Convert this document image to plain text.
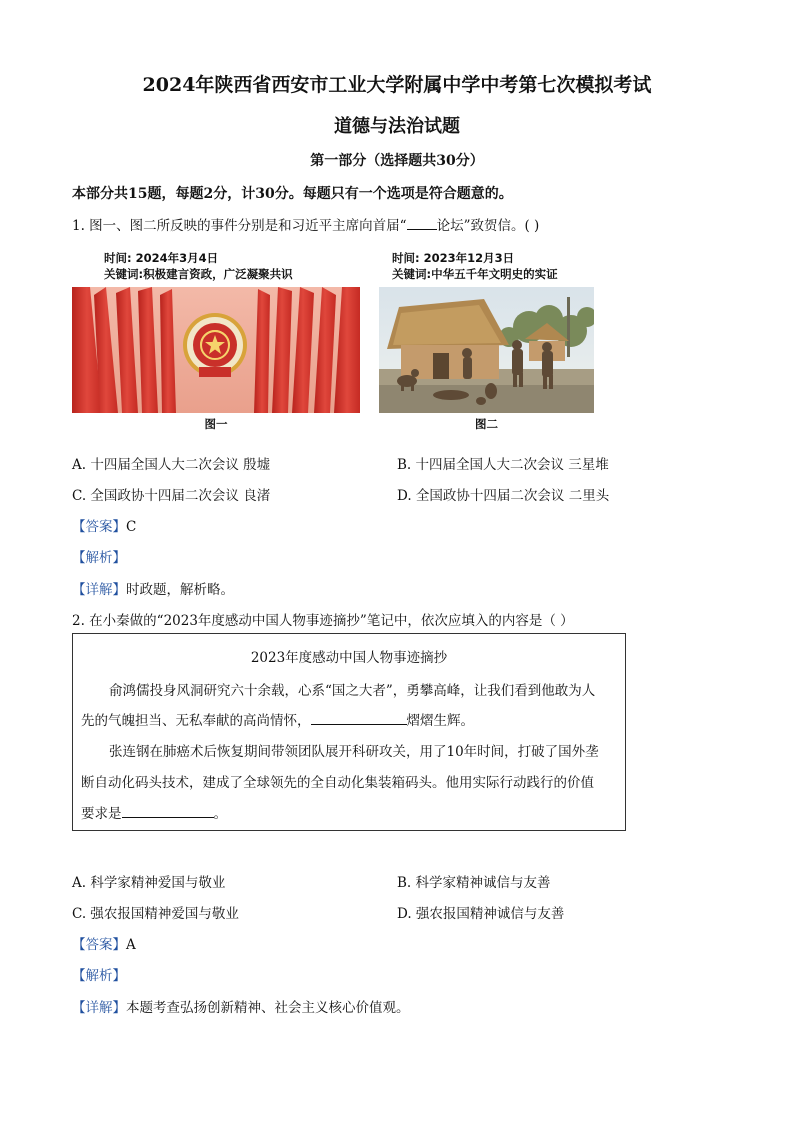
2024年陕西省西安市工业大学附属中学中考第七次模拟考试
道德与法治试题
第一部分（选择题共30分）
本部分共15题，每题2分，计30分。每题只有一个选项是符合题意的。
1. 图一、图二所反映的事件分别是和习近平主席向首届“ 论坛”致贺信。( )
时间: 2024年3月4日
关键词:积极建言资政，广泛凝聚共识
时间: 2023年12月3日
关键词:中华五千年文明史的实证
图一	图二
A. 十四届全国人大二次会议 殷墟	B. 十四届全国人大二次会议 三星堆
C. 全国政协十四届二次会议 良渚	D. 全国政协十四届二次会议 二里头
【答案】C
【解析】
【详解】时政题，解析略。
2. 在小秦做的“2023年度感动中国人物事迹摘抄”笔记中，依次应填入的内容是（ ）
2023年度感动中国人物事迹摘抄
俞鸿儒投身风洞研究六十余载，心系“国之大者”，勇攀高峰，让我们看到他敢为人
先的气魄担当、无私奉献的高尚情怀，	熠熠生辉。
张连钢在肺癌术后恢复期间带领团队展开科研攻关，用了10年时间，打破了国外垄
断自动化码头技术，建成了全球领先的全自动化集装箱码头。他用实际行动践行的价值
要求是	。
A. 科学家精神爱国与敬业	B. 科学家精神诚信与友善
C. 强农报国精神爱国与敬业	D. 强农报国精神诚信与友善
【答案】A
【解析】
【详解】本题考查弘扬创新精神、社会主义核心价值观。
